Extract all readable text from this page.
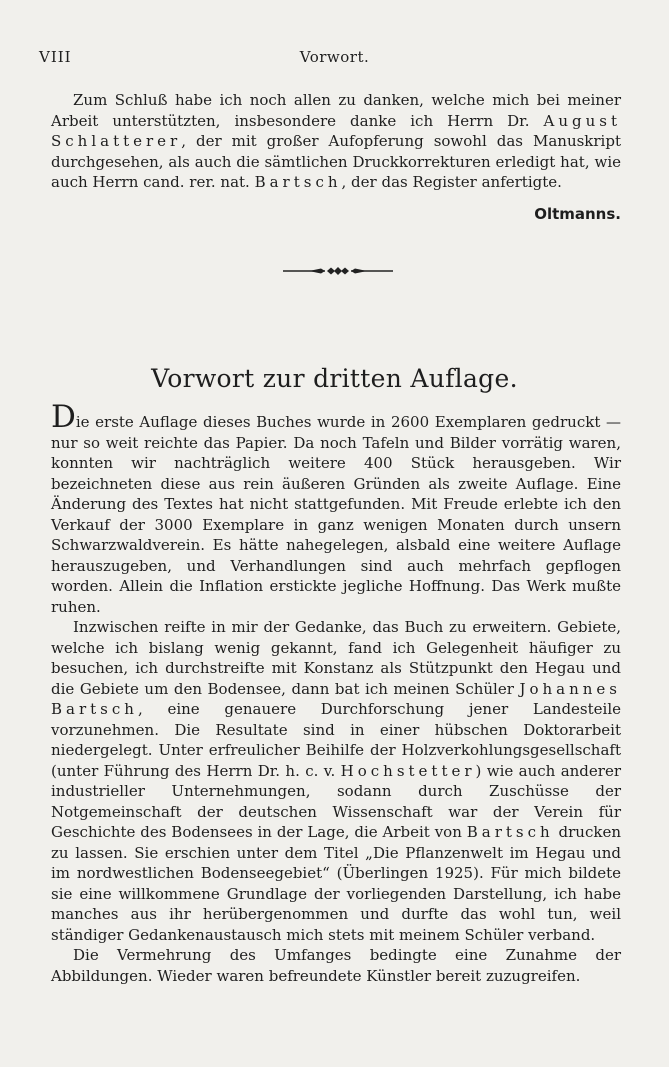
VIII	Vorwort.

Zum Schluß habe ich noch allen zu danken, welche mich bei meiner Arbeit unterstützten, insbesondere danke ich Herrn Dr. August Schlatterer, der mit großer Aufopferung sowohl das Manuskript durchgesehen, als auch die sämtlichen Druckkorrekturen erledigt hat, wie auch Herrn cand. rer. nat. Bartsch, der das Register anfertigte.

Oltmanns.
Vorwort zur dritten Auflage.

Die erste Auflage dieses Buches wurde in 2600 Exemplaren gedruckt — nur so weit reichte das Papier. Da noch Tafeln und Bilder vorrätig waren, konnten wir nachträglich weitere 400 Stück herausgeben. Wir bezeichneten diese aus rein äußeren Gründen als zweite Auflage. Eine Änderung des Textes hat nicht stattgefunden. Mit Freude erlebte ich den Verkauf der 3000 Exemplare in ganz wenigen Monaten durch unsern Schwarzwaldverein. Es hätte nahegelegen, alsbald eine weitere Auflage herauszugeben, und Verhandlungen sind auch mehrfach gepflogen worden. Allein die Inflation erstickte jegliche Hoffnung. Das Werk mußte ruhen.

Inzwischen reifte in mir der Gedanke, das Buch zu erweitern. Gebiete, welche ich bislang wenig gekannt, fand ich Gelegenheit häufiger zu besuchen, ich durchstreifte mit Konstanz als Stützpunkt den Hegau und die Gebiete um den Bodensee, dann bat ich meinen Schüler Johannes Bartsch, eine genauere Durchforschung jener Landesteile vorzunehmen. Die Resultate sind in einer hübschen Doktorarbeit niedergelegt. Unter erfreulicher Beihilfe der Holzverkohlungsgesellschaft (unter Führung des Herrn Dr. h. c. v. Hochstetter) wie auch anderer industrieller Unternehmungen, sodann durch Zuschüsse der Notgemeinschaft der deutschen Wissenschaft war der Verein für Geschichte des Bodensees in der Lage, die Arbeit von Bartsch drucken zu lassen. Sie erschien unter dem Titel „Die Pflanzenwelt im Hegau und im nordwestlichen Bodenseegebiet“ (Überlingen 1925). Für mich bildete sie eine willkommene Grundlage der vorliegenden Darstellung, ich habe manches aus ihr herübergenommen und durfte das wohl tun, weil ständiger Gedankenaustausch mich stets mit meinem Schüler verband.

Die Vermehrung des Umfanges bedingte eine Zunahme der Abbildungen. Wieder waren befreundete Künstler bereit zuzugreifen.
